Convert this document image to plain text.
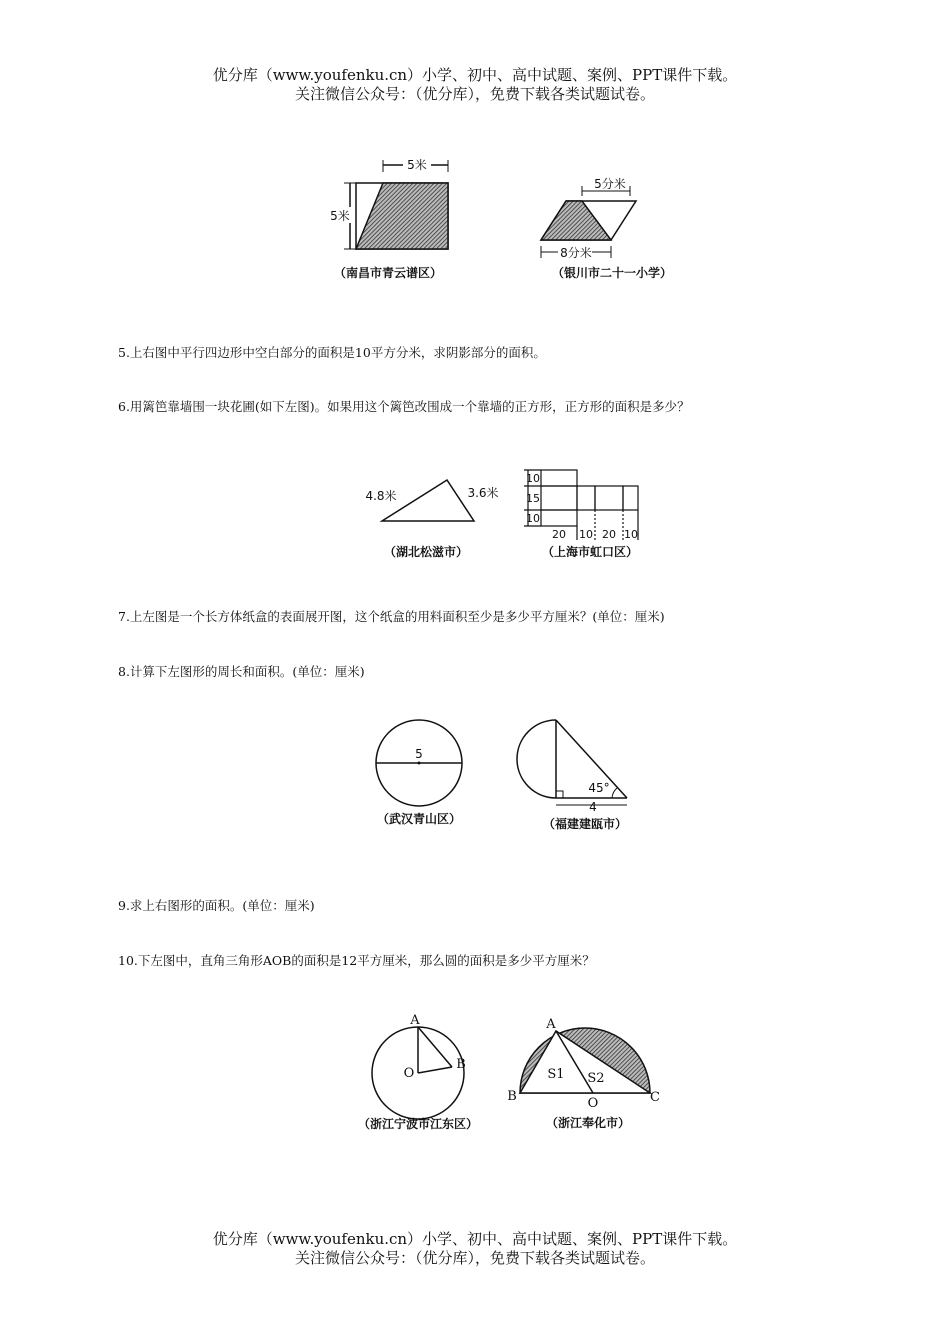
优分库（www.youfenku.cn）小学、初中、高中试题、案例、PPT课件下载。
关注微信公众号：（优分库），免费下载各类试题试卷。
5米
5米
（南昌市青云谱区）
5分米
8分米
（银川市二十一小学）
5.上右图中平行四边形中空白部分的面积是10平方分米，求阴影部分的面积。
6.用篱笆靠墙围一块花圃(如下左图)。如果用这个篱笆改围成一个靠墙的正方形，正方形的面积是多少？
4.8米	3.6米
（湖北松滋市）
10
15
10
20 10 20 10
（上海市虹口区）
7.上左图是一个长方体纸盒的表面展开图，这个纸盒的用料面积至少是多少平方厘米？(单位：厘米)
8.计算下左图形的周长和面积。(单位：厘米)
5
（武汉青山区）
45°
4
（福建建瓯市）
9.求上右图形的面积。(单位：厘米)
10.下左图中，直角三角形AOB的面积是12平方厘米，那么圆的面积是多少平方厘米？
A
O
B
（浙江宁波市江东区）
A
S1 S2
B	O	C
（浙江奉化市）
优分库（www.youfenku.cn）小学、初中、高中试题、案例、PPT课件下载。
关注微信公众号：（优分库），免费下载各类试题试卷。
